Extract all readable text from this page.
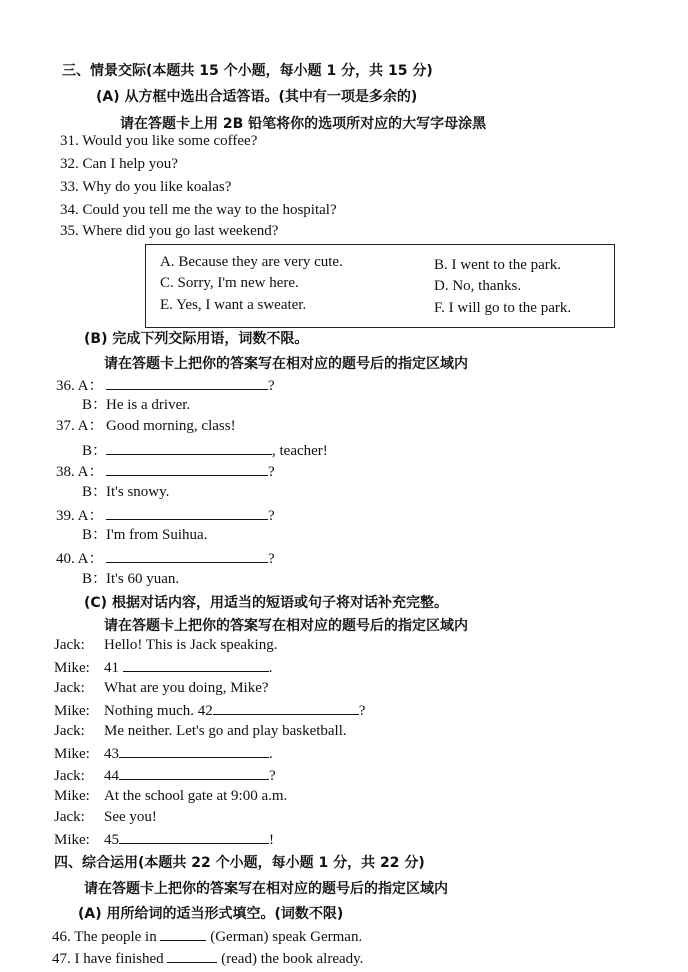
三、情景交际(本题共 15 个小题，每小题 1 分，共 15 分)
(A) 从方框中选出合适答语。(其中有一项是多余的)
请在答题卡上用 2B 铅笔将你的选项所对应的大写字母涂黑
31. Would you like some coffee?
32. Can I help you?
33. Why do you like koalas?
34. Could you tell me the way to the hospital?
35. Where did you go last weekend?
A. Because they are very cute.	B. I went to the park.
C. Sorry, I'm new here.	D. No, thanks.
E. Yes, I want a sweater.	F. I will go to the park.
(B) 完成下列交际用语，词数不限。
请在答题卡上把你的答案写在相对应的题号后的指定区域内
36. A：	?
B：He is a driver.
37. A： Good morning, class!
B：	, teacher!
38. A：	?
B：It's snowy.
39. A：	?
B：I'm from Suihua.
40. A：	?
B：It's 60 yuan.
(C) 根据对话内容，用适当的短语或句子将对话补充完整。
请在答题卡上把你的答案写在相对应的题号后的指定区域内
Jack: Hello! This is Jack speaking.
Mike: 41	.
Jack: What are you doing, Mike?
Mike: Nothing much. 42	?
Jack: Me neither. Let's go and play basketball.
Mike: 43	.
Jack: 44	?
Mike: At the school gate at 9:00 a.m.
Jack: See you!
Mike: 45	!
四、综合运用(本题共 22 个小题，每小题 1 分，共 22 分)
请在答题卡上把你的答案写在相对应的题号后的指定区域内
(A) 用所给词的适当形式填空。(词数不限)
46. The people in	(German) speak German.
47. I have finished	(read) the book already.
